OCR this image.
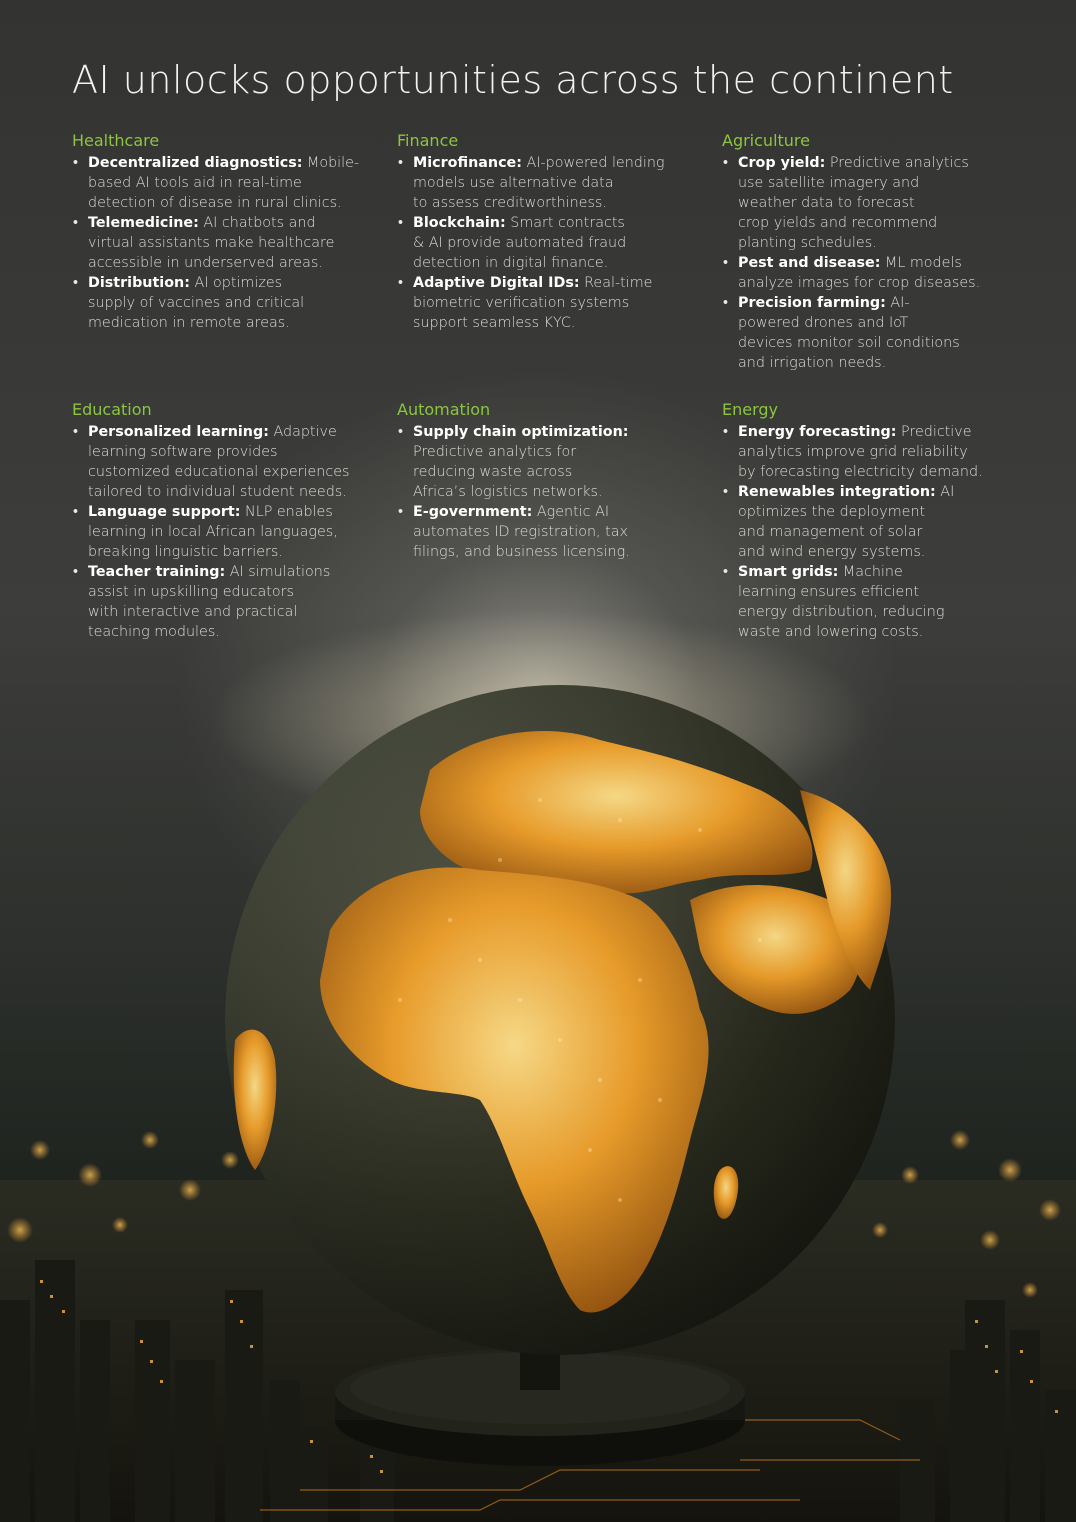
AI unlocks opportunities across the continent
Healthcare
• Decentralized diagnostics: Mobile-
based AI tools aid in real-time
detection of disease in rural clinics.
• Telemedicine: AI chatbots and
virtual assistants make healthcare
accessible in underserved areas.
• Distribution: AI optimizes
supply of vaccines and critical
medication in remote areas.
Finance
• Microfinance: AI-powered lending
models use alternative data
to assess creditworthiness.
• Blockchain: Smart contracts
& AI provide automated fraud
detection in digital finance.
• Adaptive Digital IDs: Real-time
biometric verification systems
support seamless KYC.
Agriculture
• Crop yield: Predictive analytics
use satellite imagery and
weather data to forecast
crop yields and recommend
planting schedules.
• Pest and disease: ML models
analyze images for crop diseases.
• Precision farming: AI-
powered drones and IoT
devices monitor soil conditions
and irrigation needs.
Education
• Personalized learning: Adaptive
learning software provides
customized educational experiences
tailored to individual student needs.
• Language support: NLP enables
learning in local African languages,
breaking linguistic barriers.
• Teacher training: AI simulations
assist in upskilling educators
with interactive and practical
teaching modules.
Automation
• Supply chain optimization:
Predictive analytics for
reducing waste across
Africa’s logistics networks.
• E-government: Agentic AI
automates ID registration, tax
filings, and business licensing.
Energy
• Energy forecasting: Predictive
analytics improve grid reliability
by forecasting electricity demand.
• Renewables integration: AI
optimizes the deployment
and management of solar
and wind energy systems.
• Smart grids: Machine
learning ensures efficient
energy distribution, reducing
waste and lowering costs.
